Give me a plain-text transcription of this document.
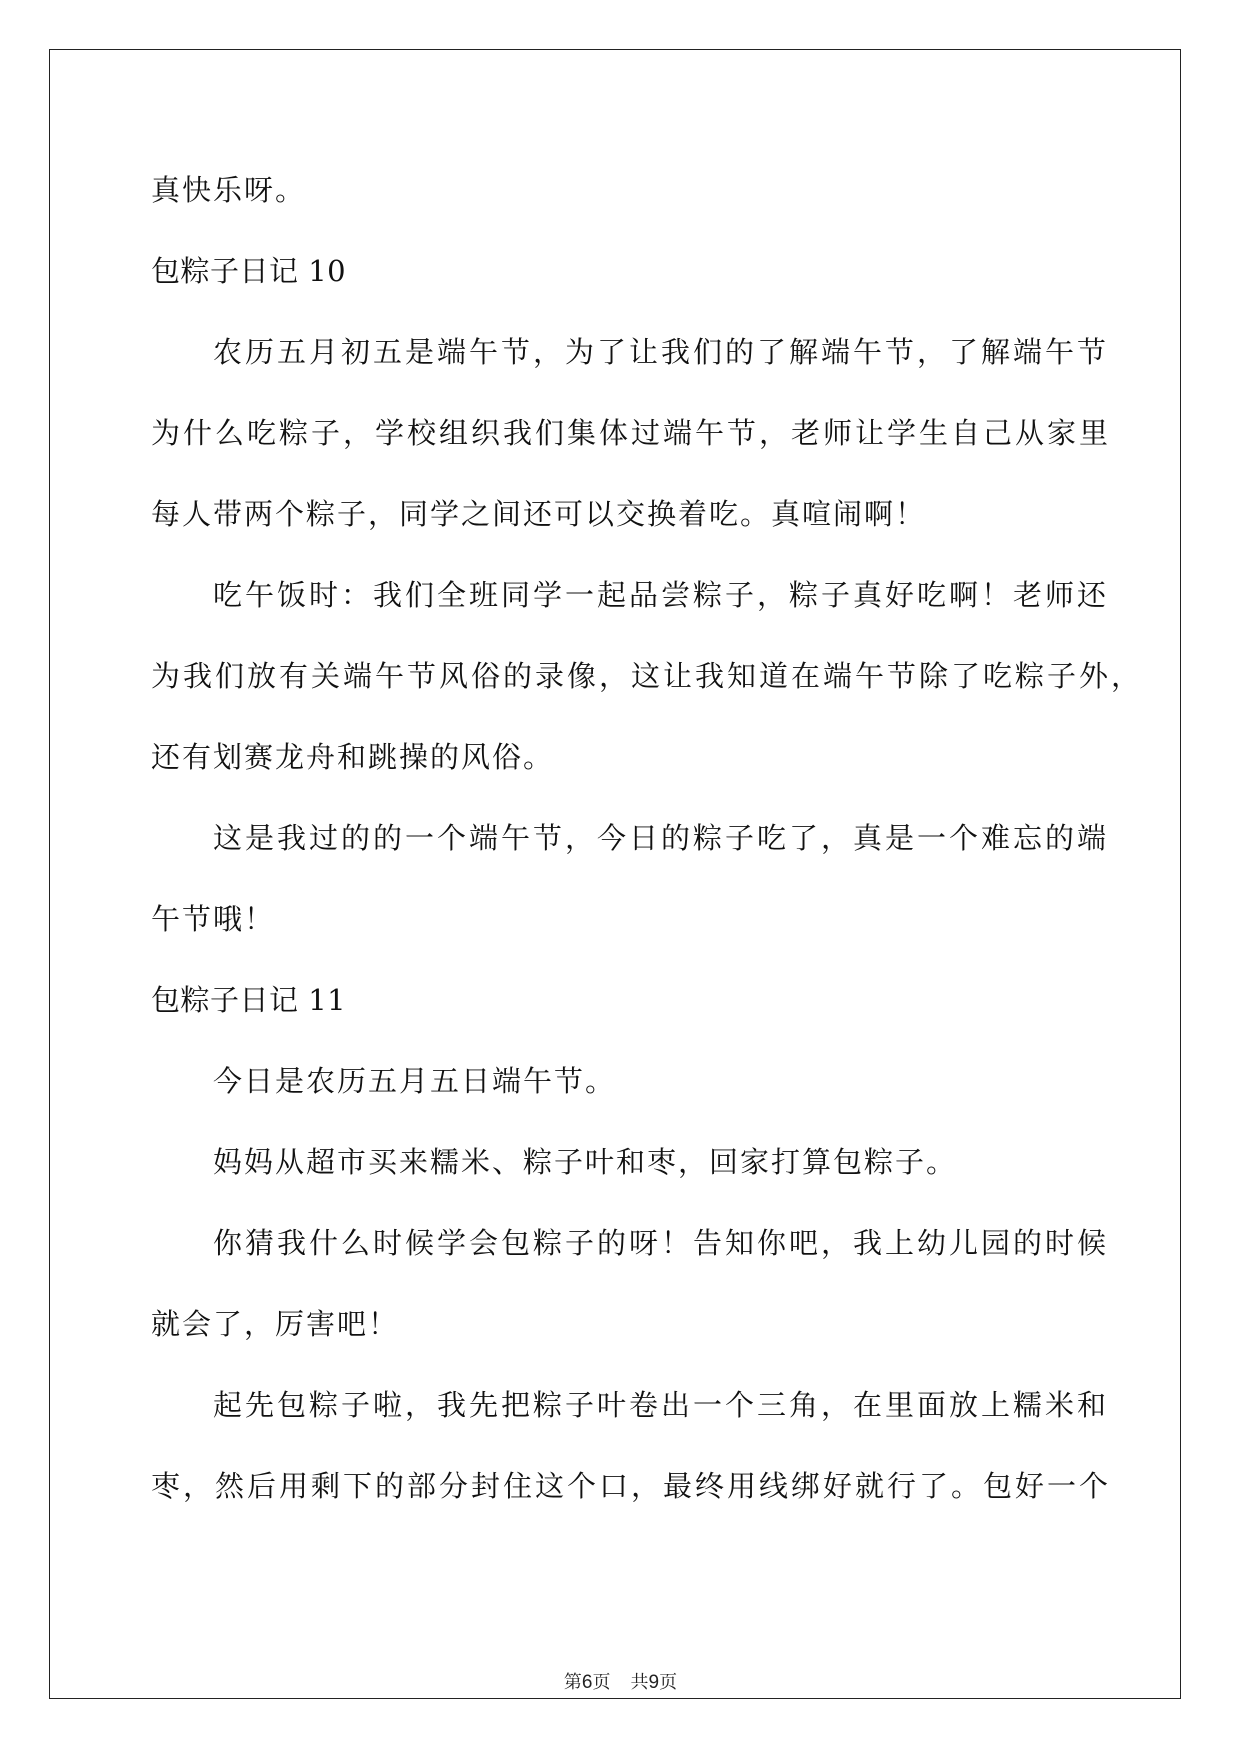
真快乐呀。

包粽子日记 10

农历五月初五是端午节，为了让我们的了解端午节，了解端午节

为什么吃粽子，学校组织我们集体过端午节，老师让学生自己从家里

每人带两个粽子，同学之间还可以交换着吃。真喧闹啊！

吃午饭时：我们全班同学一起品尝粽子，粽子真好吃啊！老师还

为我们放有关端午节风俗的录像，这让我知道在端午节除了吃粽子外，

还有划赛龙舟和跳操的风俗。

这是我过的的一个端午节，今日的粽子吃了，真是一个难忘的端

午节哦！

包粽子日记 11

今日是农历五月五日端午节。

妈妈从超市买来糯米、粽子叶和枣，回家打算包粽子。

你猜我什么时候学会包粽子的呀！告知你吧，我上幼儿园的时候

就会了，厉害吧！

起先包粽子啦，我先把粽子叶卷出一个三角，在里面放上糯米和

枣，然后用剩下的部分封住这个口，最终用线绑好就行了。包好一个

第6页 共9页
